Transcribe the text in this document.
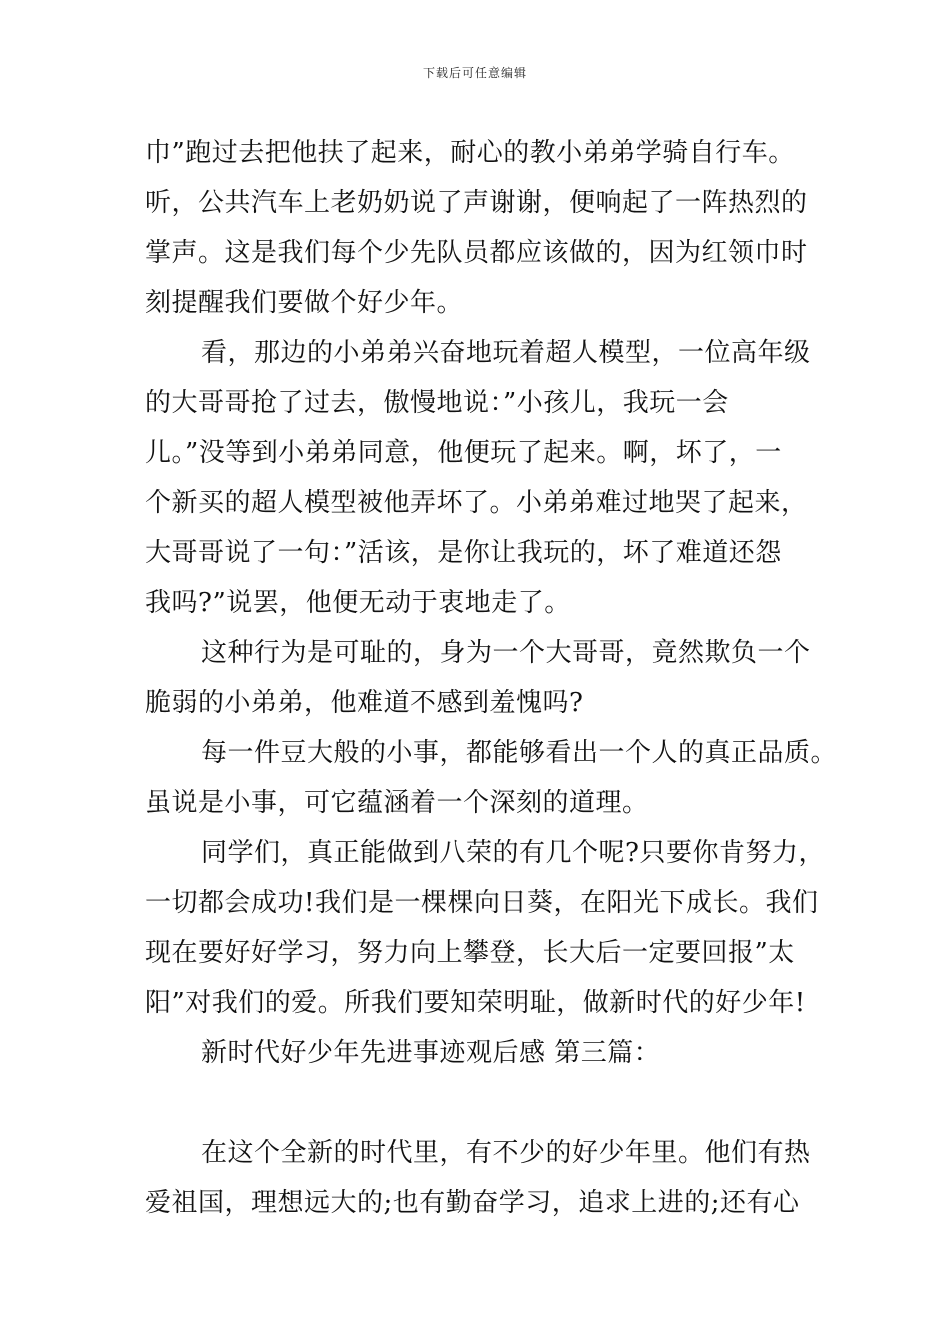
下载后可任意编辑
巾”跑过去把他扶了起来，耐心的教小弟弟学骑自行车。
听，公共汽车上老奶奶说了声谢谢，便响起了一阵热烈的
掌声。这是我们每个少先队员都应该做的，因为红领巾时
刻提醒我们要做个好少年。
看，那边的小弟弟兴奋地玩着超人模型，一位高年级
的大哥哥抢了过去，傲慢地说：”小孩儿，我玩一会
儿。”没等到小弟弟同意，他便玩了起来。啊，坏了，一
个新买的超人模型被他弄坏了。小弟弟难过地哭了起来，
大哥哥说了一句：”活该，是你让我玩的，坏了难道还怨
我吗?”说罢，他便无动于衷地走了。
这种行为是可耻的，身为一个大哥哥，竟然欺负一个
脆弱的小弟弟，他难道不感到羞愧吗?
每一件豆大般的小事，都能够看出一个人的真正品质。
虽说是小事，可它蕴涵着一个深刻的道理。
同学们，真正能做到八荣的有几个呢?只要你肯努力，
一切都会成功!我们是一棵棵向日葵，在阳光下成长。我们
现在要好好学习，努力向上攀登，长大后一定要回报”太
阳”对我们的爱。所我们要知荣明耻，做新时代的好少年!
新时代好少年先进事迹观后感 第三篇：
在这个全新的时代里，有不少的好少年里。他们有热
爱祖国，理想远大的;也有勤奋学习，追求上进的;还有心
